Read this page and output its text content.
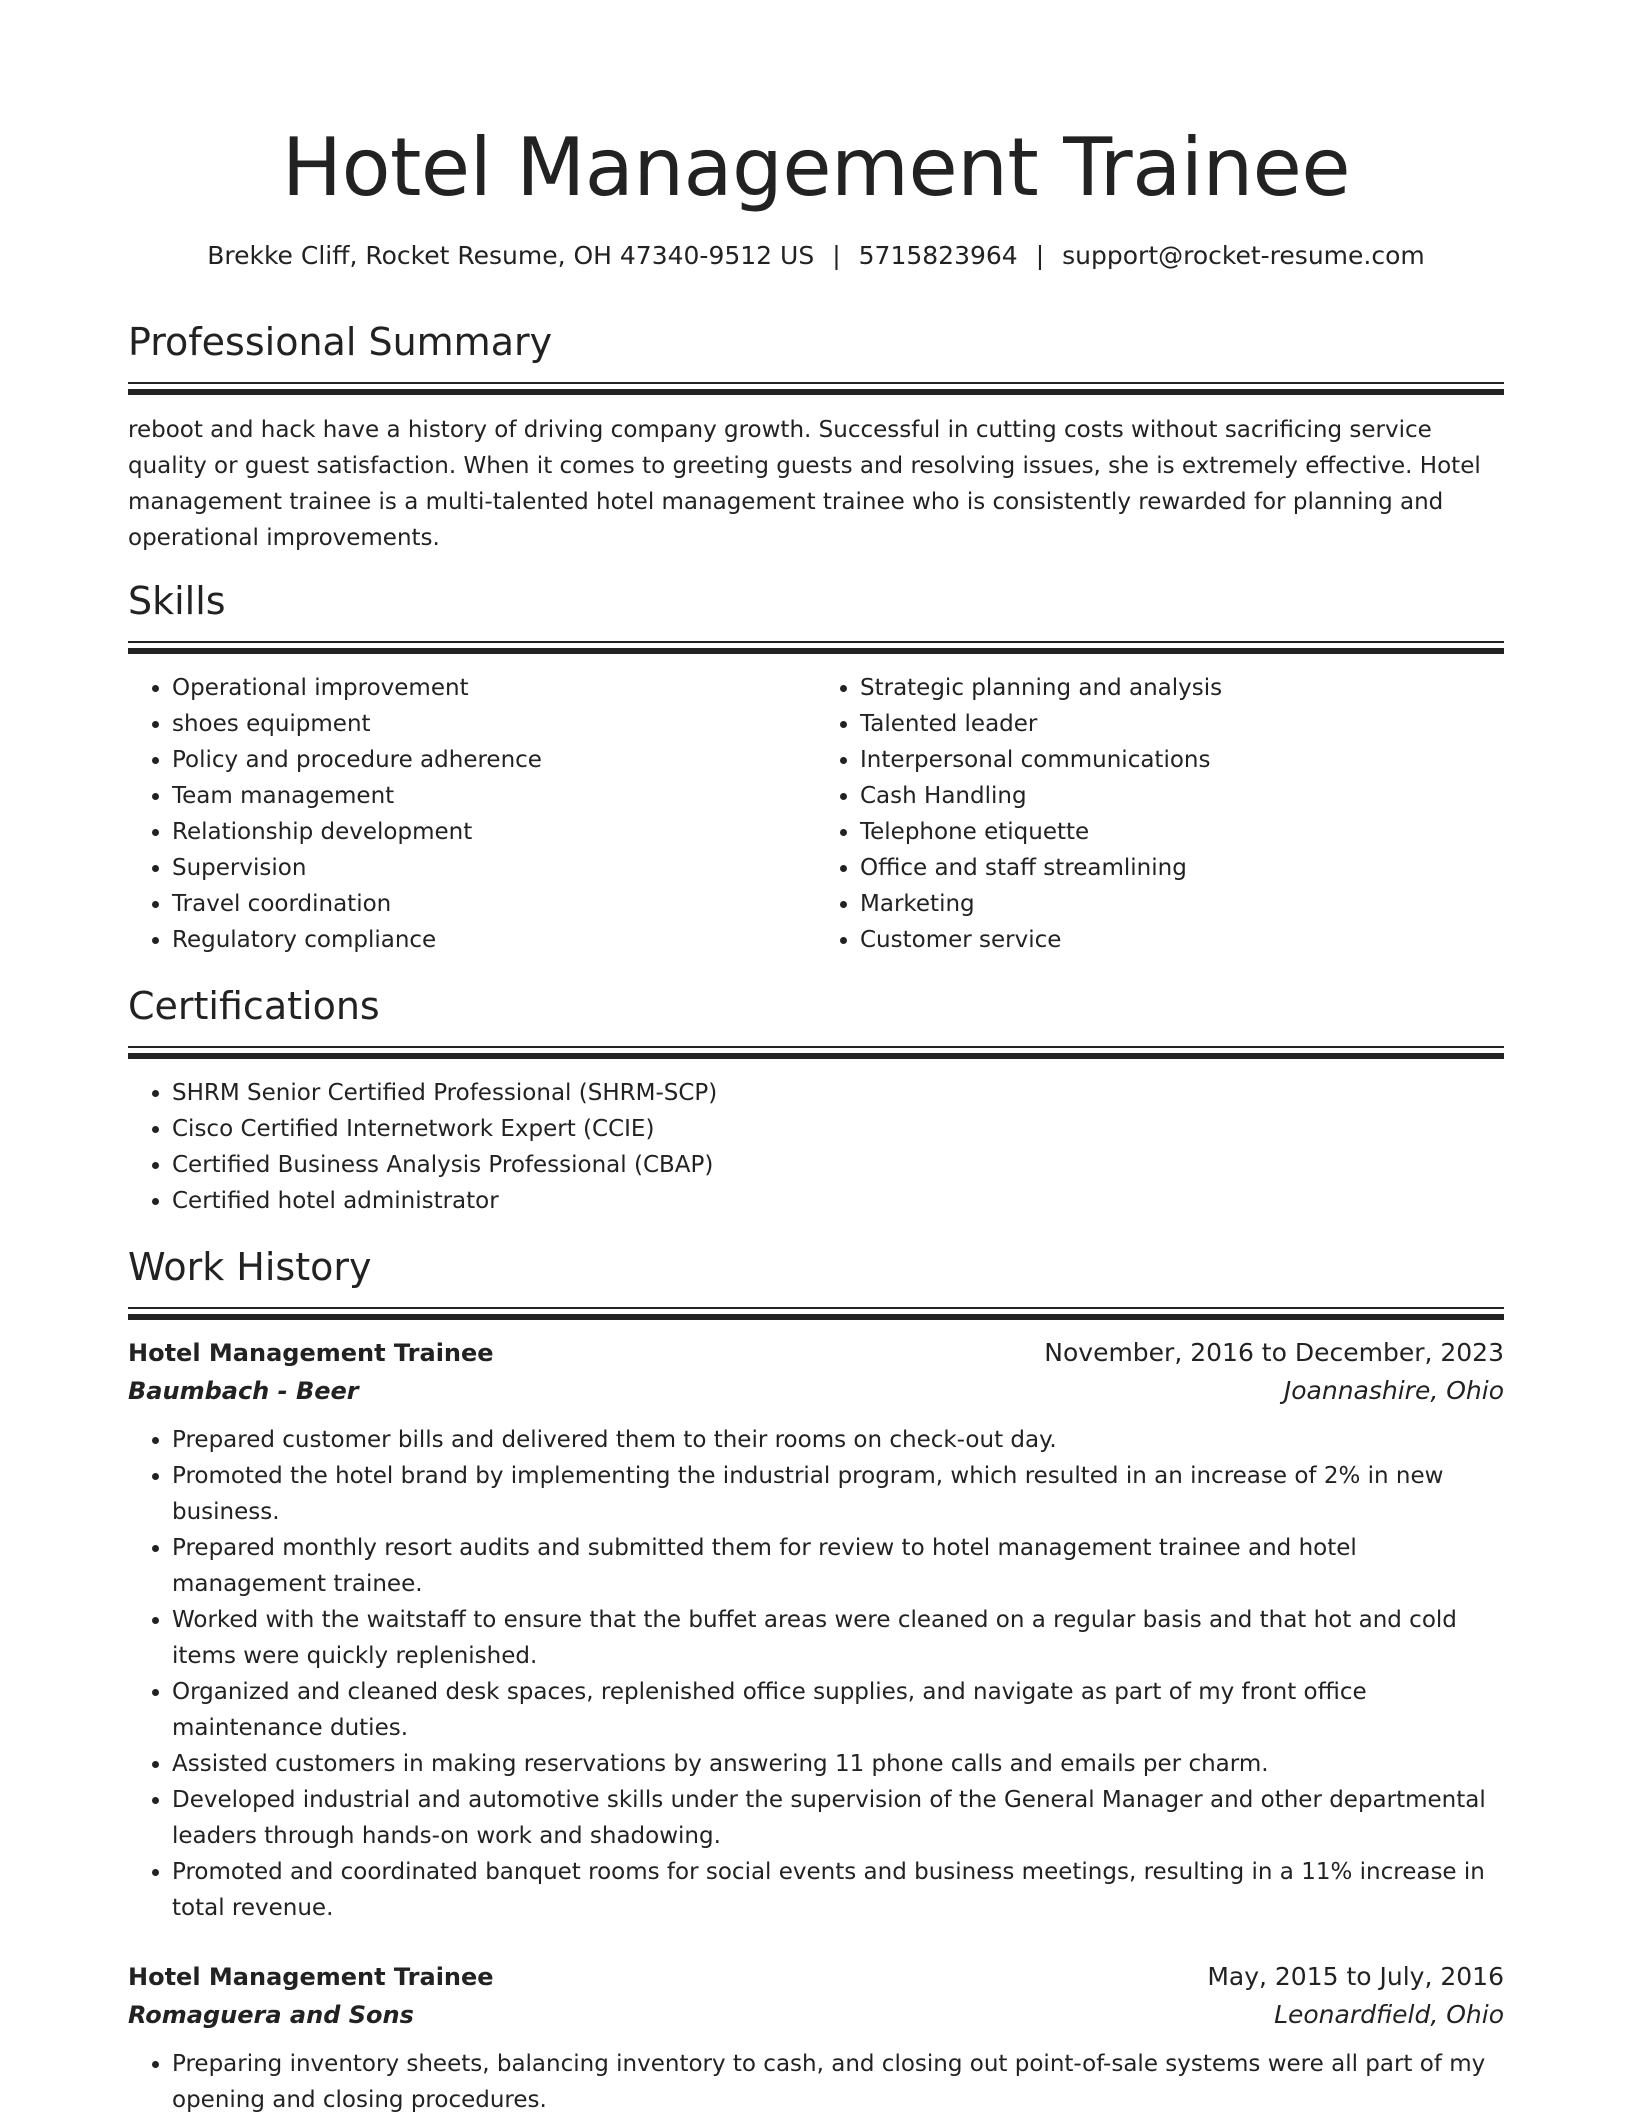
Hotel Management Trainee
Brekke Cliff, Rocket Resume, OH 47340-9512 US | 5715823964 | support@rocket-resume.com
Professional Summary

reboot and hack have a history of driving company growth. Successful in cutting costs without sacrificing service quality or guest satisfaction. When it comes to greeting guests and resolving issues, she is extremely effective. Hotel management trainee is a multi-talented hotel management trainee who is consistently rewarded for planning and operational improvements.

Skills
• Operational improvement
• shoes equipment
• Policy and procedure adherence
• Team management
• Relationship development
• Supervision
• Travel coordination
• Regulatory compliance
• Strategic planning and analysis
• Talented leader
• Interpersonal communications
• Cash Handling
• Telephone etiquette
• Office and staff streamlining
• Marketing
• Customer service
Certifications
• SHRM Senior Certified Professional (SHRM-SCP)
• Cisco Certified Internetwork Expert (CCIE)
• Certified Business Analysis Professional (CBAP)
• Certified hotel administrator
Work History
Hotel Management Trainee	November, 2016 to December, 2023
Baumbach - Beer	Joannashire, Ohio
• Prepared customer bills and delivered them to their rooms on check-out day.
• Promoted the hotel brand by implementing the industrial program, which resulted in an increase of 2% in new business.
• Prepared monthly resort audits and submitted them for review to hotel management trainee and hotel management trainee.
• Worked with the waitstaff to ensure that the buffet areas were cleaned on a regular basis and that hot and cold items were quickly replenished.
• Organized and cleaned desk spaces, replenished office supplies, and navigate as part of my front office maintenance duties.
• Assisted customers in making reservations by answering 11 phone calls and emails per charm.
• Developed industrial and automotive skills under the supervision of the General Manager and other departmental leaders through hands-on work and shadowing.
• Promoted and coordinated banquet rooms for social events and business meetings, resulting in a 11% increase in total revenue.
Hotel Management Trainee	May, 2015 to July, 2016
Romaguera and Sons	Leonardfield, Ohio
• Preparing inventory sheets, balancing inventory to cash, and closing out point-of-sale systems were all part of my opening and closing procedures.
